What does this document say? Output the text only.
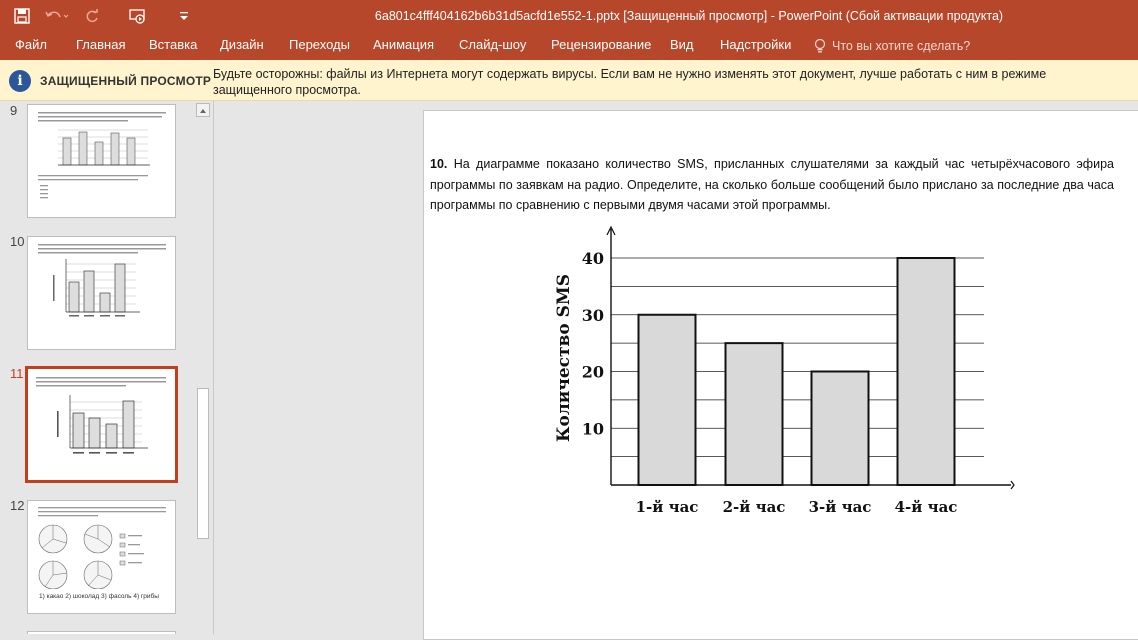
6a801c4fff404162b6b31d5acfd1e552-1.pptx [Защищенный просмотр] - PowerPoint (Сбой активации продукта)
Файл Главная Вставка Дизайн Переходы Анимация Слайд-шоу Рецензирование Вид Надстройки	Что вы хотите сделать?
i	ЗАЩИЩЕННЫЙ ПРОСМОТР Будьте осторожны: файлы из Интернета могут содержать вирусы. Если вам не нужно изменять этот документ, лучше работать с ним в режиме защищенного просмотра.
9
10
11
12
1) какао 2) шоколад 3) фасоль 4) грибы
10. На диаграмме показано количество SMS, присланных слушателями за каждый час четырёхчасового эфира программы по заявкам на радио. Определите, на сколько больше сообщений было прислано за последние два часа программы по сравнению с первыми двумя часами этой программы.
10
20
30
40
1-й час 2-й час 3-й час 4-й час
Количество SMS
